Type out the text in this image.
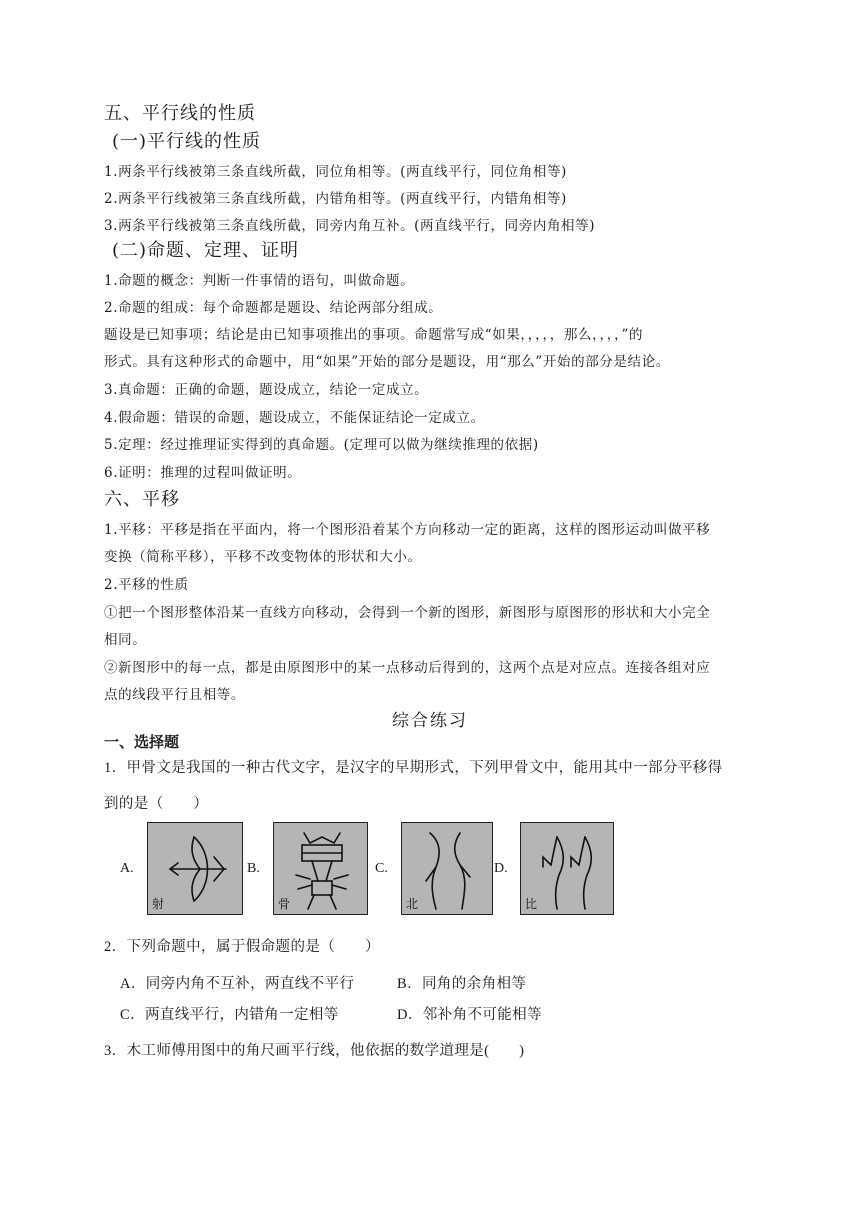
五、平行线的性质
(一)平行线的性质
1.两条平行线被第三条直线所截，同位角相等。(两直线平行，同位角相等)
2.两条平行线被第三条直线所截，内错角相等。(两直线平行，内错角相等)
3.两条平行线被第三条直线所截，同旁内角互补。(两直线平行，同旁内角相等)
(二)命题、定理、证明
1.命题的概念：判断一件事情的语句，叫做命题。
2.命题的组成：每个命题都是题设、结论两部分组成。
题设是已知事项；结论是由已知事项推出的事项。命题常写成“如果，，，，，那么，，，，”的
形式。具有这种形式的命题中，用“如果”开始的部分是题设，用“那么”开始的部分是结论。
3.真命题：正确的命题，题设成立，结论一定成立。
4.假命题：错误的命题，题设成立，不能保证结论一定成立。
5.定理：经过推理证实得到的真命题。(定理可以做为继续推理的依据)
6.证明：推理的过程叫做证明。
六、平移
1.平移：平移是指在平面内，将一个图形沿着某个方向移动一定的距离，这样的图形运动叫做平移
变换（简称平移），平移不改变物体的形状和大小。
2.平移的性质
①把一个图形整体沿某一直线方向移动，会得到一个新的图形，新图形与原图形的形状和大小完全
相同。
②新图形中的每一点，都是由原图形中的某一点移动后得到的，这两个点是对应点。连接各组对应
点的线段平行且相等。
综合练习
一、选择题
1．甲骨文是我国的一种古代文字，是汉字的早期形式，下列甲骨文中，能用其中一部分平移得
到的是（　　）
A.
射
B.
骨
C.
北
D.
比
2．下列命题中，属于假命题的是（　　）
A．同旁内角不互补，两直线不平行	B．同角的余角相等
C．两直线平行，内错角一定相等	D．邻补角不可能相等
3．木工师傅用图中的角尺画平行线，他依据的数学道理是(　　)
